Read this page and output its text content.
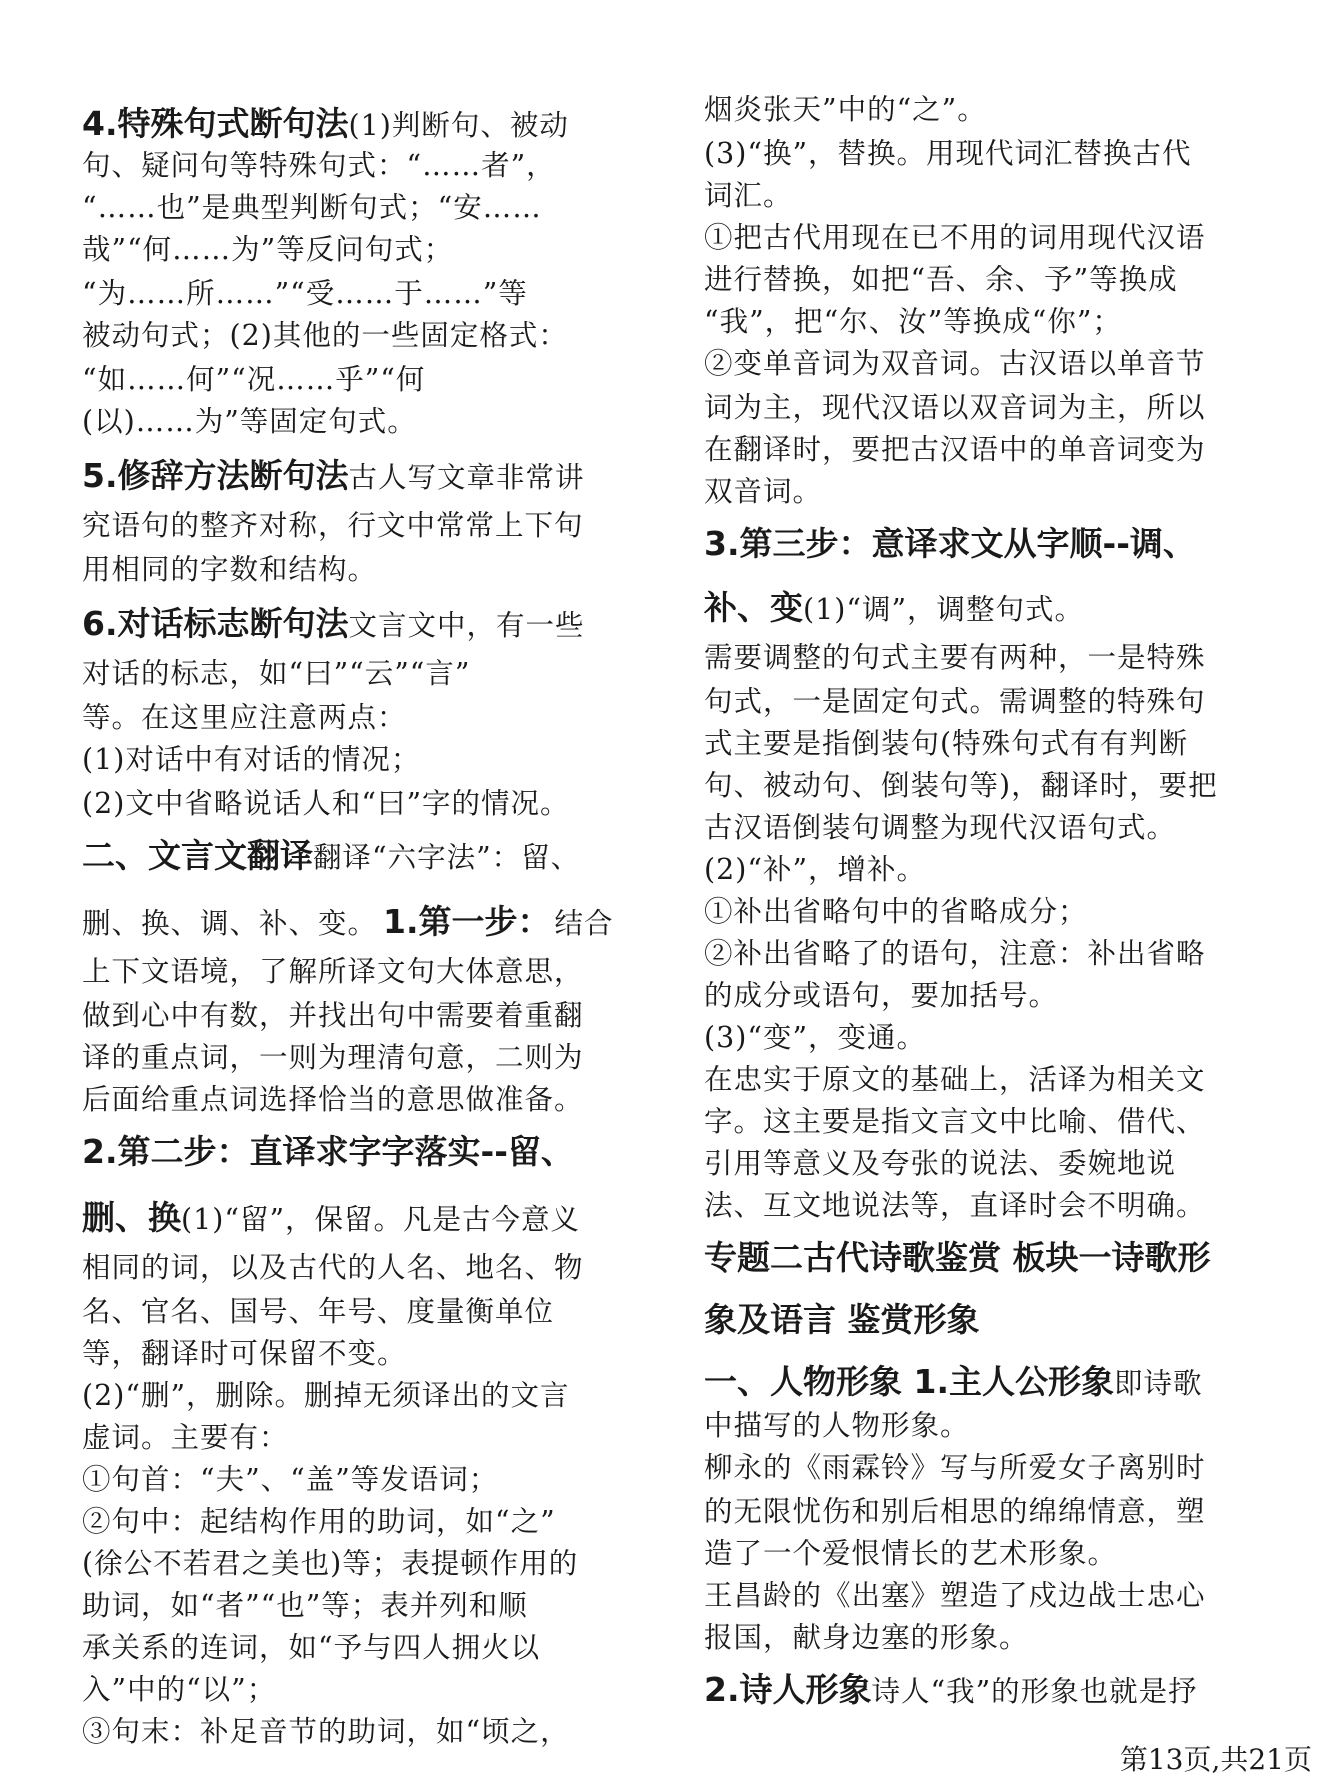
4.特殊句式断句法(1)判断句、被动
句、疑问句等特殊句式：“……者”，
“……也”是典型判断句式；“安……
哉”“何……为”等反问句式；
“为……所……”“受……于……”等
被动句式；(2)其他的一些固定格式：
“如……何”“况……乎”“何
(以)……为”等固定句式。
5.修辞方法断句法古人写文章非常讲
究语句的整齐对称，行文中常常上下句
用相同的字数和结构。
6.对话标志断句法文言文中，有一些
对话的标志，如“曰”“云”“言”
等。在这里应注意两点：
(1)对话中有对话的情况；
(2)文中省略说话人和“曰”字的情况。
二、文言文翻译翻译“六字法”：留、
删、换、调、补、变。 1.第一步： 结合
上下文语境，了解所译文句大体意思，
做到心中有数，并找出句中需要着重翻
译的重点词，一则为理清句意，二则为
后面给重点词选择恰当的意思做准备。
2.第二步：直译求字字落实--留、
删、换(1)“留”，保留。凡是古今意义
相同的词，以及古代的人名、地名、物
名、官名、国号、年号、度量衡单位
等，翻译时可保留不变。
(2)“删”，删除。删掉无须译出的文言
虚词。主要有：
①句首：“夫”、“盖”等发语词；
②句中：起结构作用的助词，如“之”
(徐公不若君之美也)等；表提顿作用的
助词，如“者”“也”等；表并列和顺
承关系的连词，如“予与四人拥火以
入”中的“以”；
③句末：补足音节的助词，如“顷之，
烟炎张天”中的“之”。
(3)“换”，替换。用现代词汇替换古代
词汇。
①把古代用现在已不用的词用现代汉语
进行替换，如把“吾、余、予”等换成
“我”，把“尔、汝”等换成“你”；
②变单音词为双音词。古汉语以单音节
词为主，现代汉语以双音词为主，所以
在翻译时，要把古汉语中的单音词变为
双音词。
3.第三步：意译求文从字顺--调、
补、变(1)“调”，调整句式。
需要调整的句式主要有两种，一是特殊
句式，一是固定句式。需调整的特殊句
式主要是指倒装句(特殊句式有有判断
句、被动句、倒装句等)，翻译时，要把
古汉语倒装句调整为现代汉语句式。
(2)“补”，增补。
①补出省略句中的省略成分；
②补出省略了的语句，注意：补出省略
的成分或语句，要加括号。
(3)“变”，变通。
在忠实于原文的基础上，活译为相关文
字。这主要是指文言文中比喻、借代、
引用等意义及夸张的说法、委婉地说
法、互文地说法等，直译时会不明确。
专题二古代诗歌鉴赏 板块一诗歌形
象及语言 鉴赏形象
一、人物形象 1.主人公形象即诗歌
中描写的人物形象。
柳永的《雨霖铃》写与所爱女子离别时
的无限忧伤和别后相思的绵绵情意，塑
造了一个爱恨情长的艺术形象。
王昌龄的《出塞》塑造了戍边战士忠心
报国，献身边塞的形象。
2.诗人形象诗人“我”的形象也就是抒
第13页,共21页
